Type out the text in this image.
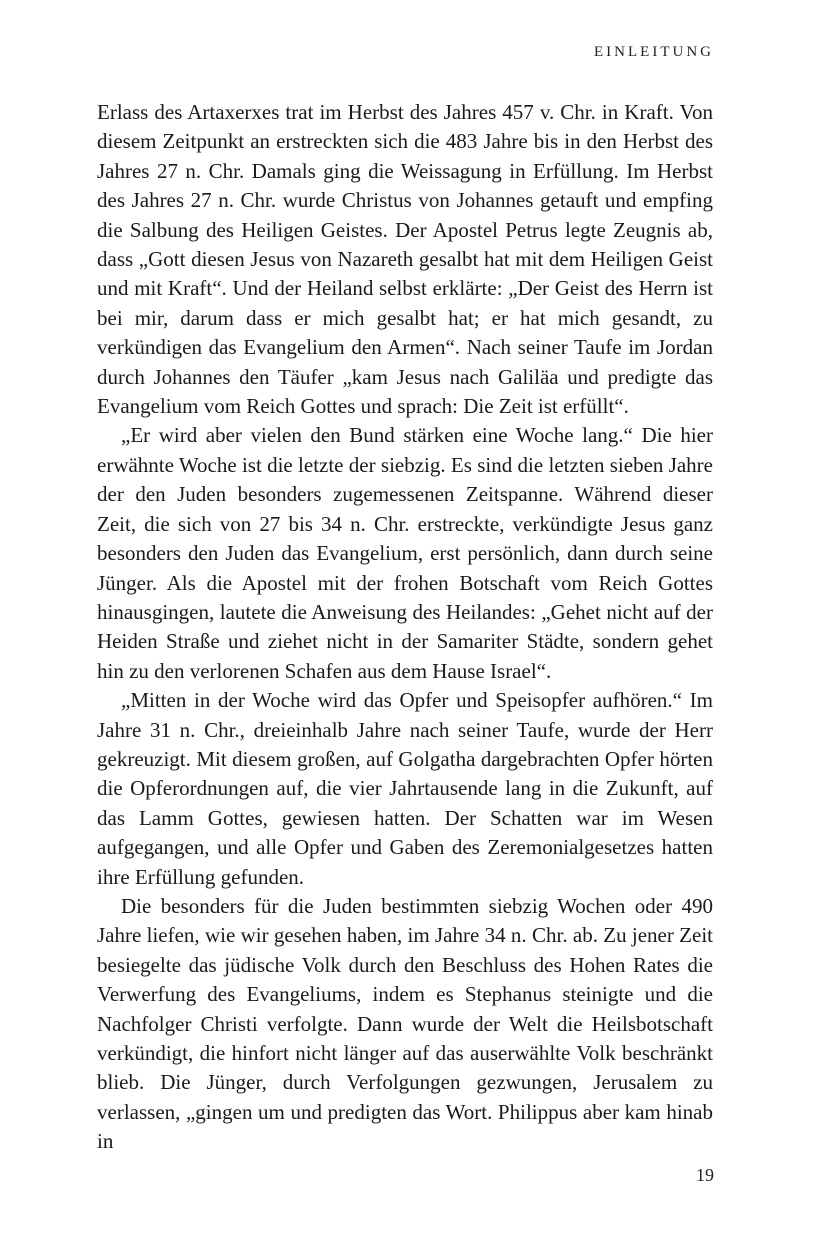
EINLEITUNG

Erlass des Artaxerxes trat im Herbst des Jahres 457 v. Chr. in Kraft. Von diesem Zeitpunkt an erstreckten sich die 483 Jahre bis in den Herbst des Jahres 27 n. Chr. Damals ging die Weissagung in Erfüllung. Im Herbst des Jahres 27 n. Chr. wurde Christus von Johannes getauft und empfing die Salbung des Heiligen Geistes. Der Apostel Petrus legte Zeugnis ab, dass „Gott diesen Jesus von Nazareth gesalbt hat mit dem Heiligen Geist und mit Kraft“. Und der Heiland selbst erklärte: „Der Geist des Herrn ist bei mir, darum dass er mich gesalbt hat; er hat mich gesandt, zu verkündigen das Evangelium den Armen“. Nach seiner Taufe im Jordan durch Johannes den Täufer „kam Jesus nach Galiläa und predigte das Evangelium vom Reich Gottes und sprach: Die Zeit ist erfüllt“.

„Er wird aber vielen den Bund stärken eine Woche lang.“ Die hier erwähnte Woche ist die letzte der siebzig. Es sind die letzten sieben Jahre der den Juden besonders zugemessenen Zeitspanne. Während dieser Zeit, die sich von 27 bis 34 n. Chr. erstreckte, verkündigte Jesus ganz besonders den Juden das Evangelium, erst persönlich, dann durch seine Jünger. Als die Apostel mit der frohen Botschaft vom Reich Gottes hinausgingen, lautete die Anweisung des Heilandes: „Gehet nicht auf der Heiden Straße und ziehet nicht in der Samariter Städte, sondern gehet hin zu den verlorenen Schafen aus dem Hause Israel“.

„Mitten in der Woche wird das Opfer und Speisopfer aufhören.“ Im Jahre 31 n. Chr., dreieinhalb Jahre nach seiner Taufe, wurde der Herr gekreuzigt. Mit diesem großen, auf Golgatha dargebrachten Opfer hörten die Opferordnungen auf, die vier Jahrtausende lang in die Zukunft, auf das Lamm Gottes, gewiesen hatten. Der Schatten war im Wesen aufgegangen, und alle Opfer und Gaben des Zeremonialgesetzes hatten ihre Erfüllung gefunden.

Die besonders für die Juden bestimmten siebzig Wochen oder 490 Jahre liefen, wie wir gesehen haben, im Jahre 34 n. Chr. ab. Zu jener Zeit besiegelte das jüdische Volk durch den Beschluss des Hohen Rates die Verwerfung des Evangeliums, indem es Stephanus steinigte und die Nachfolger Christi verfolgte. Dann wurde der Welt die Heilsbotschaft verkündigt, die hinfort nicht länger auf das auserwählte Volk beschränkt blieb. Die Jünger, durch Verfolgungen gezwungen, Jerusalem zu verlassen, „gingen um und predigten das Wort. Philippus aber kam hinab in

19
